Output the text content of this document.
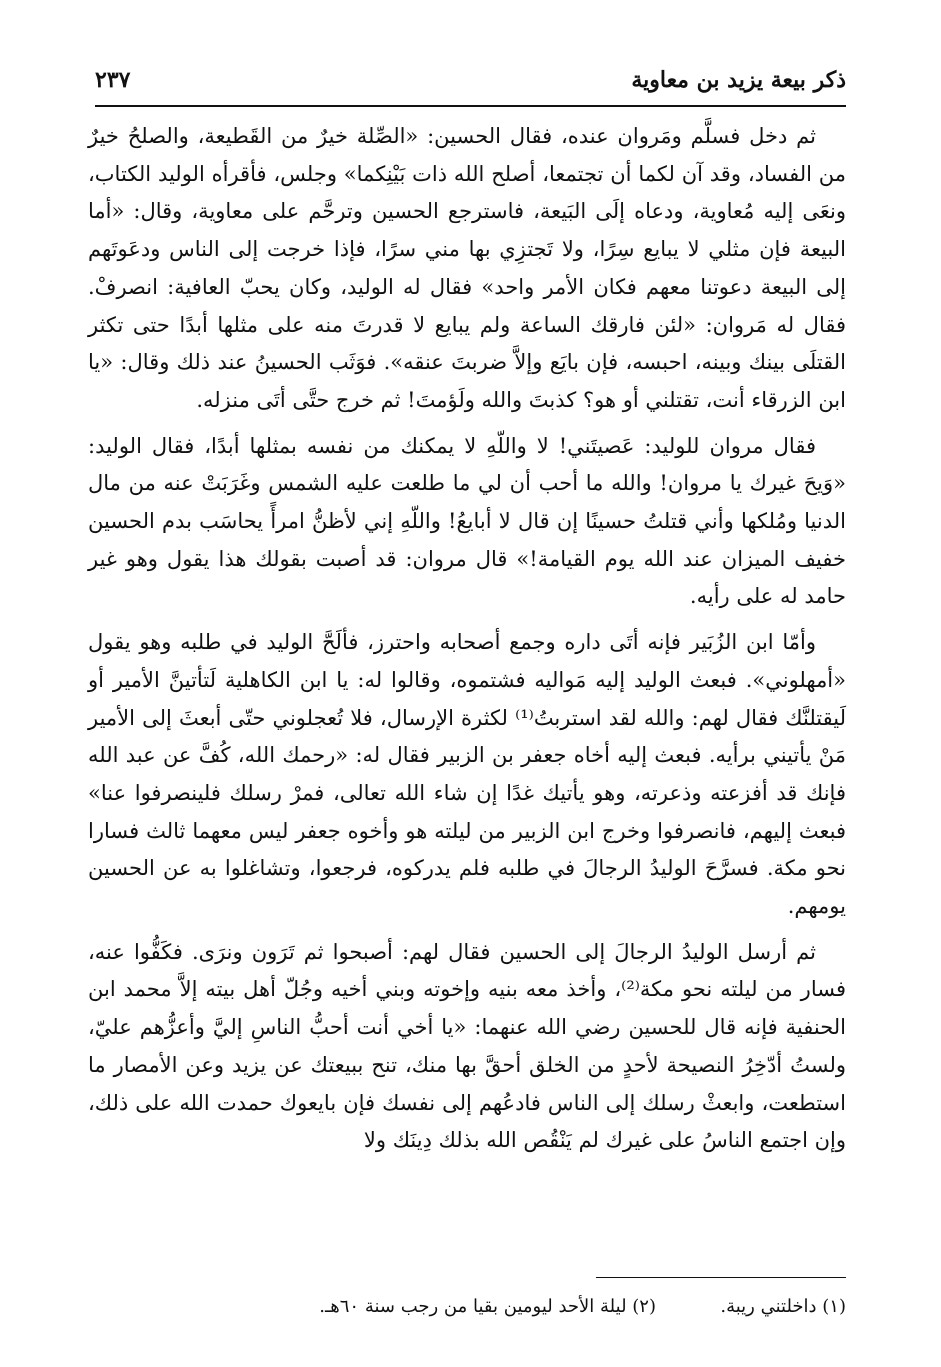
ذكر بيعة يزيد بن معاوية
٢٣٧

ثم دخل فسلَّم ومَروان عنده، فقال الحسين: «الصِّلة خيرٌ من القَطيعة، والصلحُ خيرٌ من الفساد، وقد آن لكما أن تجتمعا، أصلح الله ذات بَيْنِكما» وجلس، فأقرأه الوليد الكتاب، ونعَى إليه مُعاوية، ودعاه إلَى البَيعة، فاسترجع الحسين وترحَّم على معاوية، وقال: «أما البيعة فإن مثلي لا يبايع سِرًا، ولا تَجتزِي بها مني سرًا، فإذا خرجت إلى الناس ودعَوتَهم إلى البيعة دعوتنا معهم فكان الأمر واحد» فقال له الوليد، وكان يحبّ العافية: انصرفْ. فقال له مَروان: «لئن فارقك الساعة ولم يبايع لا قدرتَ منه على مثلها أبدًا حتى تكثر القتلَى بينك وبينه، احبسه، فإن بايَع وإلاَّ ضربتَ عنقه». فوَثَب الحسينُ عند ذلك وقال: «يا ابن الزرقاء أنت، تقتلني أو هو؟ كذبتَ والله ولَؤمتَ! ثم خرج حتَّى أتَى منزله.

فقال مروان للوليد: عَصيتَني! لا واللّهِ لا يمكنك من نفسه بمثلها أبدًا، فقال الوليد: «وَيحَ غيرك يا مروان! والله ما أحب أن لي ما طلعت عليه الشمس وغَرَبَتْ عنه من مال الدنيا ومُلكها وأني قتلتُ حسينًا إن قال لا أبايعُ! واللّهِ إني لأظنُّ امرأً يحاسَب بدم الحسين خفيف الميزان عند الله يوم القيامة!» قال مروان: قد أصبت بقولك هذا يقول وهو غير حامد له على رأيه.

وأمّا ابن الزُبَير فإنه أتَى داره وجمع أصحابه واحترز، فألَحَّ الوليد في طلبه وهو يقول «أمهلوني». فبعث الوليد إليه مَواليه فشتموه، وقالوا له: يا ابن الكاهلية لَتأتينَّ الأمير أو لَيقتلنَّك فقال لهم: والله لقد استربتُ⁽¹⁾ لكثرة الإرسال، فلا تُعجلوني حتّى أبعثَ إلى الأمير مَنْ يأتيني برأيه. فبعث إليه أخاه جعفر بن الزبير فقال له: «رحمك الله، كُفَّ عن عبد الله فإنك قد أفزعته وذعرته، وهو يأتيك غدًا إن شاء الله تعالى، فمرْ رسلك فلينصرفوا عنا» فبعث إليهم، فانصرفوا وخرج ابن الزبير من ليلته هو وأخوه جعفر ليس معهما ثالث فسارا نحو مكة. فسرَّحَ الوليدُ الرجالَ في طلبه فلم يدركوه، فرجعوا، وتشاغلوا به عن الحسين يومهم.

ثم أرسل الوليدُ الرجالَ إلى الحسين فقال لهم: أصبحوا ثم تَرَون ونرَى. فكَفُّوا عنه، فسار من ليلته نحو مكة⁽²⁾، وأخذ معه بنيه وإخوته وبني أخيه وجُلّ أهل بيته إلاَّ محمد ابن الحنفية فإنه قال للحسين رضي الله عنهما: «يا أخي أنت أحبُّ الناسِ إليَّ وأعزُّهم عليّ، ولستُ أدّخِرُ النصيحة لأحدٍ من الخلق أحقَّ بها منك، تنح ببيعتك عن يزيد وعن الأمصار ما استطعت، وابعثْ رسلك إلى الناس فادعُهم إلى نفسك فإن بايعوك حمدت الله على ذلك، وإن اجتمع الناسُ على غيرك لم يَنْقُص الله بذلك دِينَك ولا

(١) داخلتني ريبة.
(٢) ليلة الأحد ليومين بقيا من رجب سنة ٦٠هـ.
